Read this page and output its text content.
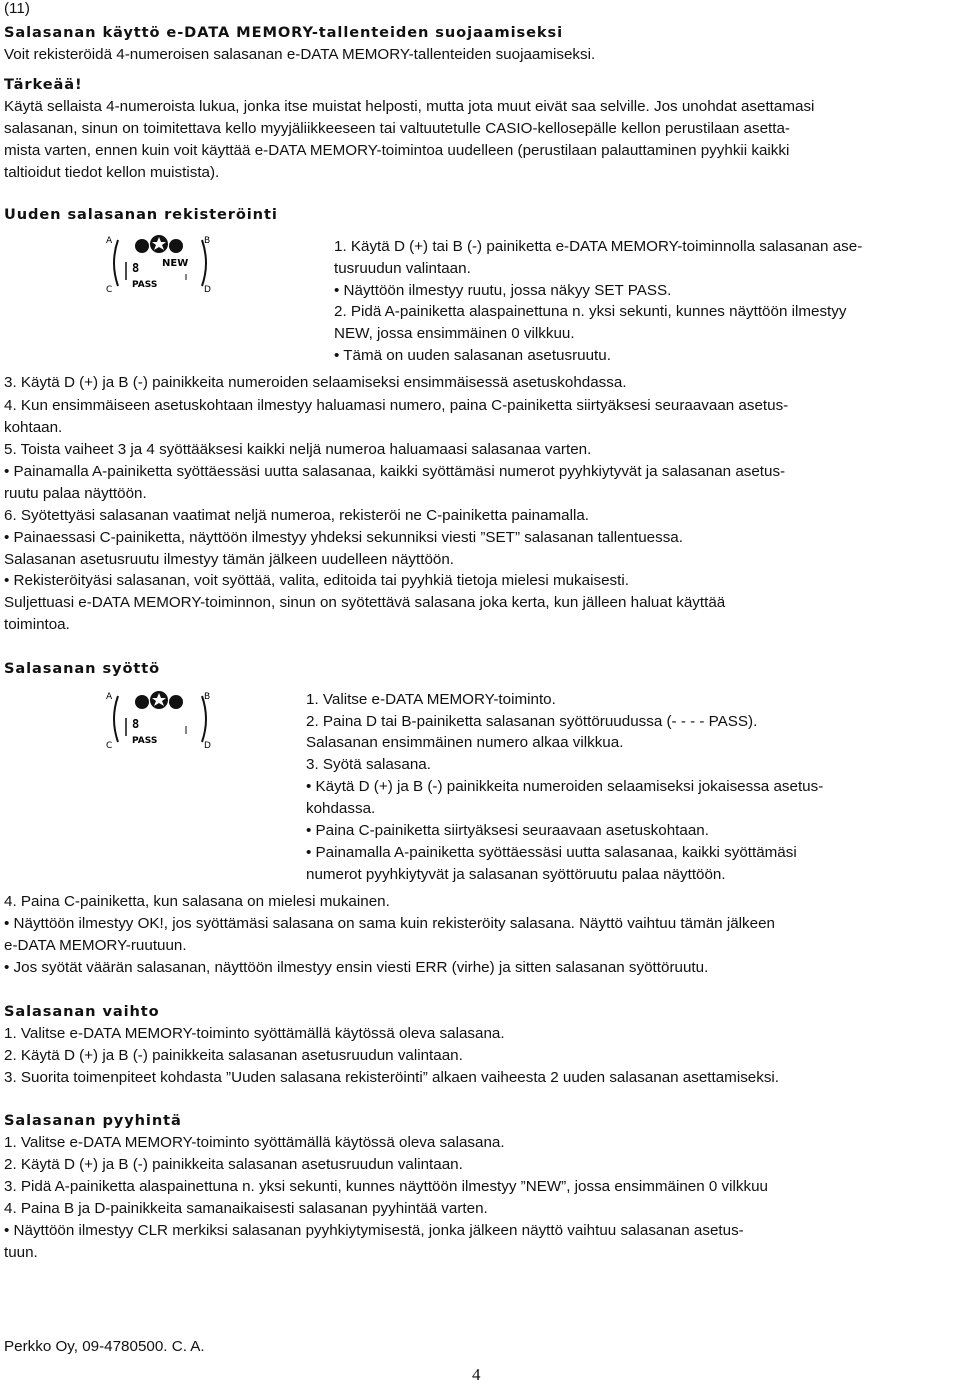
(11)
Salasanan käyttö e-DATA MEMORY-tallenteiden suojaamiseksi
Voit rekisteröidä 4-numeroisen salasanan e-DATA MEMORY-tallenteiden suojaamiseksi.
Tärkeää!
Käytä sellaista 4-numeroista lukua, jonka itse muistat helposti, mutta jota muut eivät saa selville. Jos unohdat asettamasi
salasanan, sinun on toimitettava kello myyjäliikkeeseen tai valtuutetulle CASIO-kellosepälle kellon perustilaan asetta-
mista varten, ennen kuin voit käyttää e-DATA MEMORY-toimintoa uudelleen (perustilaan palauttaminen pyyhkii kaikki
taltioidut tiedot kellon muistista).
Uuden salasanan rekisteröinti
A	B
C	D
NEW
8
PASS
1. Käytä D (+) tai B (-) painiketta e-DATA MEMORY-toiminnolla salasanan ase-
tusruudun valintaan.
• Näyttöön ilmestyy ruutu, jossa näkyy SET PASS.
2. Pidä A-painiketta alaspainettuna n. yksi sekunti, kunnes näyttöön ilmestyy
NEW, jossa ensimmäinen 0 vilkkuu.
• Tämä on uuden salasanan asetusruutu.
3. Käytä D (+) ja B (-) painikkeita numeroiden selaamiseksi ensimmäisessä asetuskohdassa.
4. Kun ensimmäiseen asetuskohtaan ilmestyy haluamasi numero, paina C-painiketta siirtyäksesi seuraavaan asetus-
kohtaan.
5. Toista vaiheet 3 ja 4 syöttääksesi kaikki neljä numeroa haluamaasi salasanaa varten.
• Painamalla A-painiketta syöttäessäsi uutta salasanaa, kaikki syöttämäsi numerot pyyhkiytyvät ja salasanan asetus-
ruutu palaa näyttöön.
6. Syötettyäsi salasanan vaatimat neljä numeroa, rekisteröi ne C-painiketta painamalla.
• Painaessasi C-painiketta, näyttöön ilmestyy yhdeksi sekunniksi viesti ”SET” salasanan tallentuessa.
Salasanan asetusruutu ilmestyy tämän jälkeen uudelleen näyttöön.
• Rekisteröityäsi salasanan, voit syöttää, valita, editoida tai pyyhkiä tietoja mielesi mukaisesti.
Suljettuasi e-DATA MEMORY-toiminnon, sinun on syötettävä salasana joka kerta, kun jälleen haluat käyttää
toimintoa.
Salasanan syöttö
A	B
C	D
8
PASS
1. Valitse e-DATA MEMORY-toiminto.
2. Paina D tai B-painiketta salasanan syöttöruudussa (- - - - PASS).
Salasanan ensimmäinen numero alkaa vilkkua.
3. Syötä salasana.
• Käytä D (+) ja B (-) painikkeita numeroiden selaamiseksi jokaisessa asetus-
kohdassa.
• Paina C-painiketta siirtyäksesi seuraavaan asetuskohtaan.
• Painamalla A-painiketta syöttäessäsi uutta salasanaa, kaikki syöttämäsi
numerot pyyhkiytyvät ja salasanan syöttöruutu palaa näyttöön.
4. Paina C-painiketta, kun salasana on mielesi mukainen.
• Näyttöön ilmestyy OK!, jos syöttämäsi salasana on sama kuin rekisteröity salasana. Näyttö vaihtuu tämän jälkeen
e-DATA MEMORY-ruutuun.
• Jos syötät väärän salasanan, näyttöön ilmestyy ensin viesti ERR (virhe) ja sitten salasanan syöttöruutu.
Salasanan vaihto
1. Valitse e-DATA MEMORY-toiminto syöttämällä käytössä oleva salasana.
2. Käytä D (+) ja B (-) painikkeita salasanan asetusruudun valintaan.
3. Suorita toimenpiteet kohdasta ”Uuden salasana rekisteröinti” alkaen vaiheesta 2 uuden salasanan asettamiseksi.
Salasanan pyyhintä
1. Valitse e-DATA MEMORY-toiminto syöttämällä käytössä oleva salasana.
2. Käytä D (+) ja B (-) painikkeita salasanan asetusruudun valintaan.
3. Pidä A-painiketta alaspainettuna n. yksi sekunti, kunnes näyttöön ilmestyy ”NEW”, jossa ensimmäinen 0 vilkkuu
4. Paina B ja D-painikkeita samanaikaisesti salasanan pyyhintää varten.
• Näyttöön ilmestyy CLR merkiksi salasanan pyyhkiytymisestä, jonka jälkeen näyttö vaihtuu salasanan asetus-
tuun.
Perkko Oy, 09-4780500. C. A.
4
